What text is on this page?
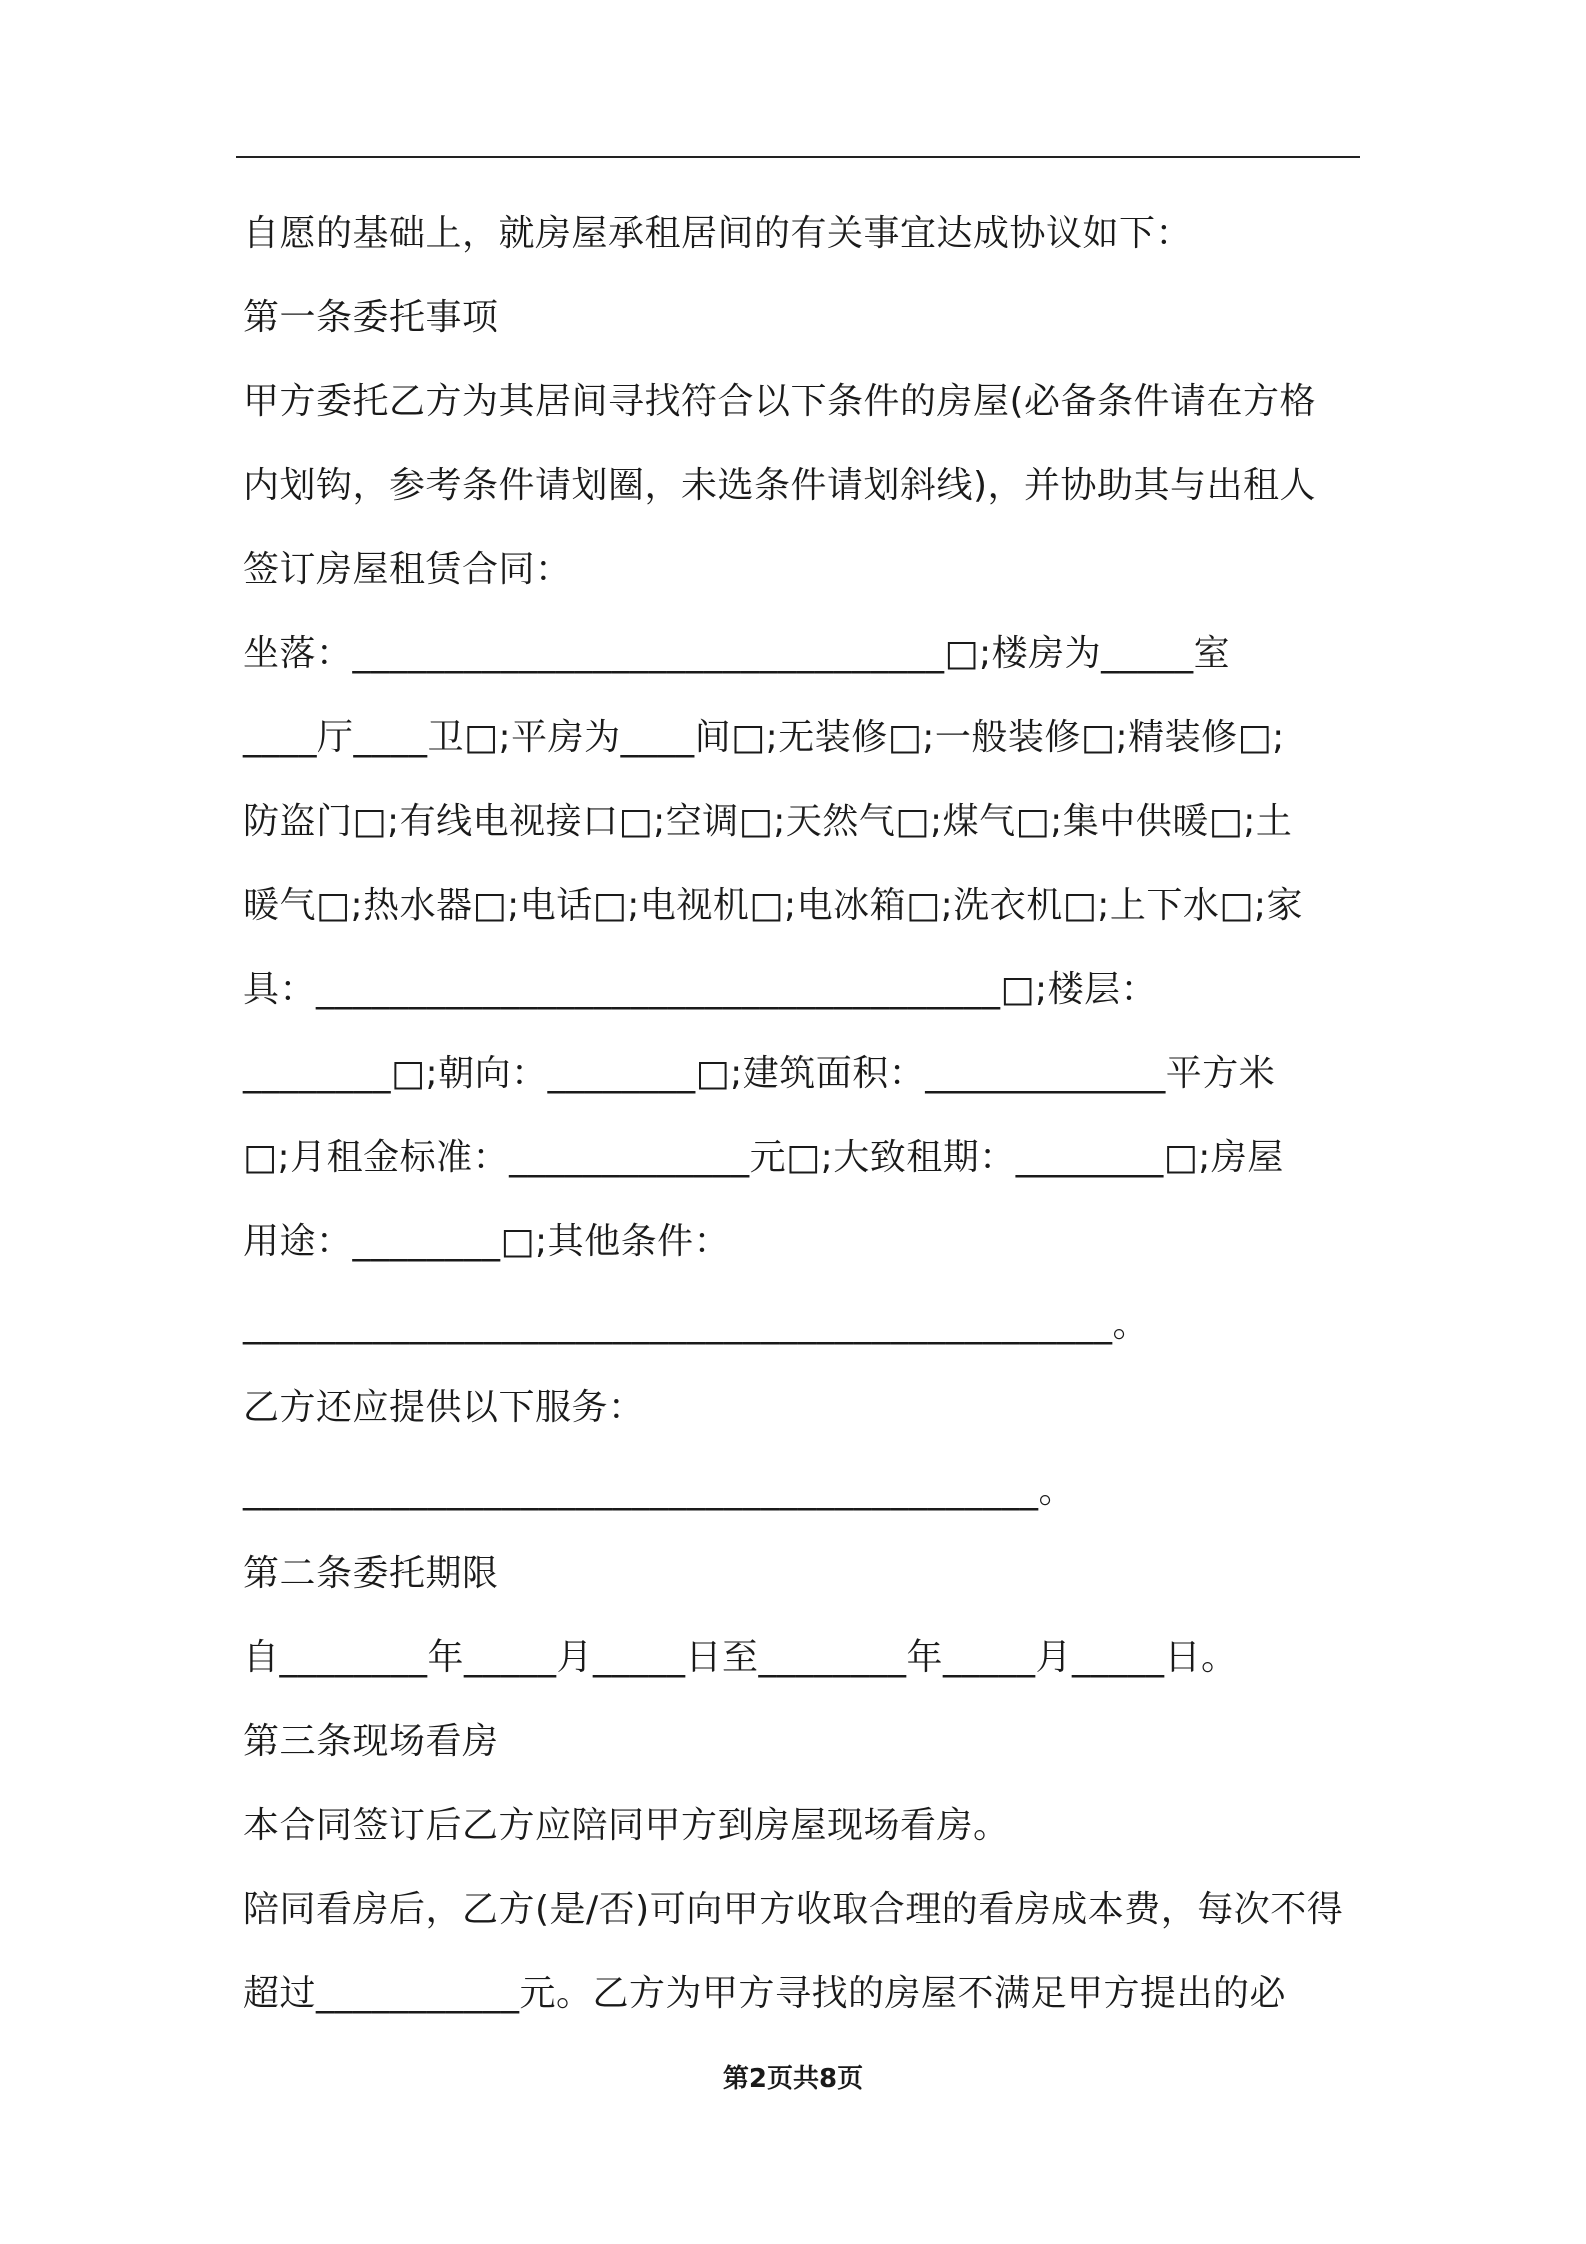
自愿的基础上，就房屋承租居间的有关事宜达成协议如下：
第一条委托事项
甲方委托乙方为其居间寻找符合以下条件的房屋(必备条件请在方格
内划钩，参考条件请划圈，未选条件请划斜线)，并协助其与出租人
签订房屋租赁合同：
坐落：________________________________□;楼房为_____室
____厅____卫□;平房为____间□;无装修□;一般装修□;精装修□;
防盗门□;有线电视接口□;空调□;天然气□;煤气□;集中供暖□;土
暖气□;热水器□;电话□;电视机□;电冰箱□;洗衣机□;上下水□;家
具：_____________________________________□;楼层：
________□;朝向：________□;建筑面积：_____________平方米
□;月租金标准：_____________元□;大致租期：________□;房屋
用途：________□;其他条件：
_______________________________________________。
乙方还应提供以下服务：
___________________________________________。
第二条委托期限
自________年_____月_____日至________年_____月_____日。
第三条现场看房
本合同签订后乙方应陪同甲方到房屋现场看房。
陪同看房后，乙方(是/否)可向甲方收取合理的看房成本费，每次不得
超过___________元。乙方为甲方寻找的房屋不满足甲方提出的必
第2页共8页
